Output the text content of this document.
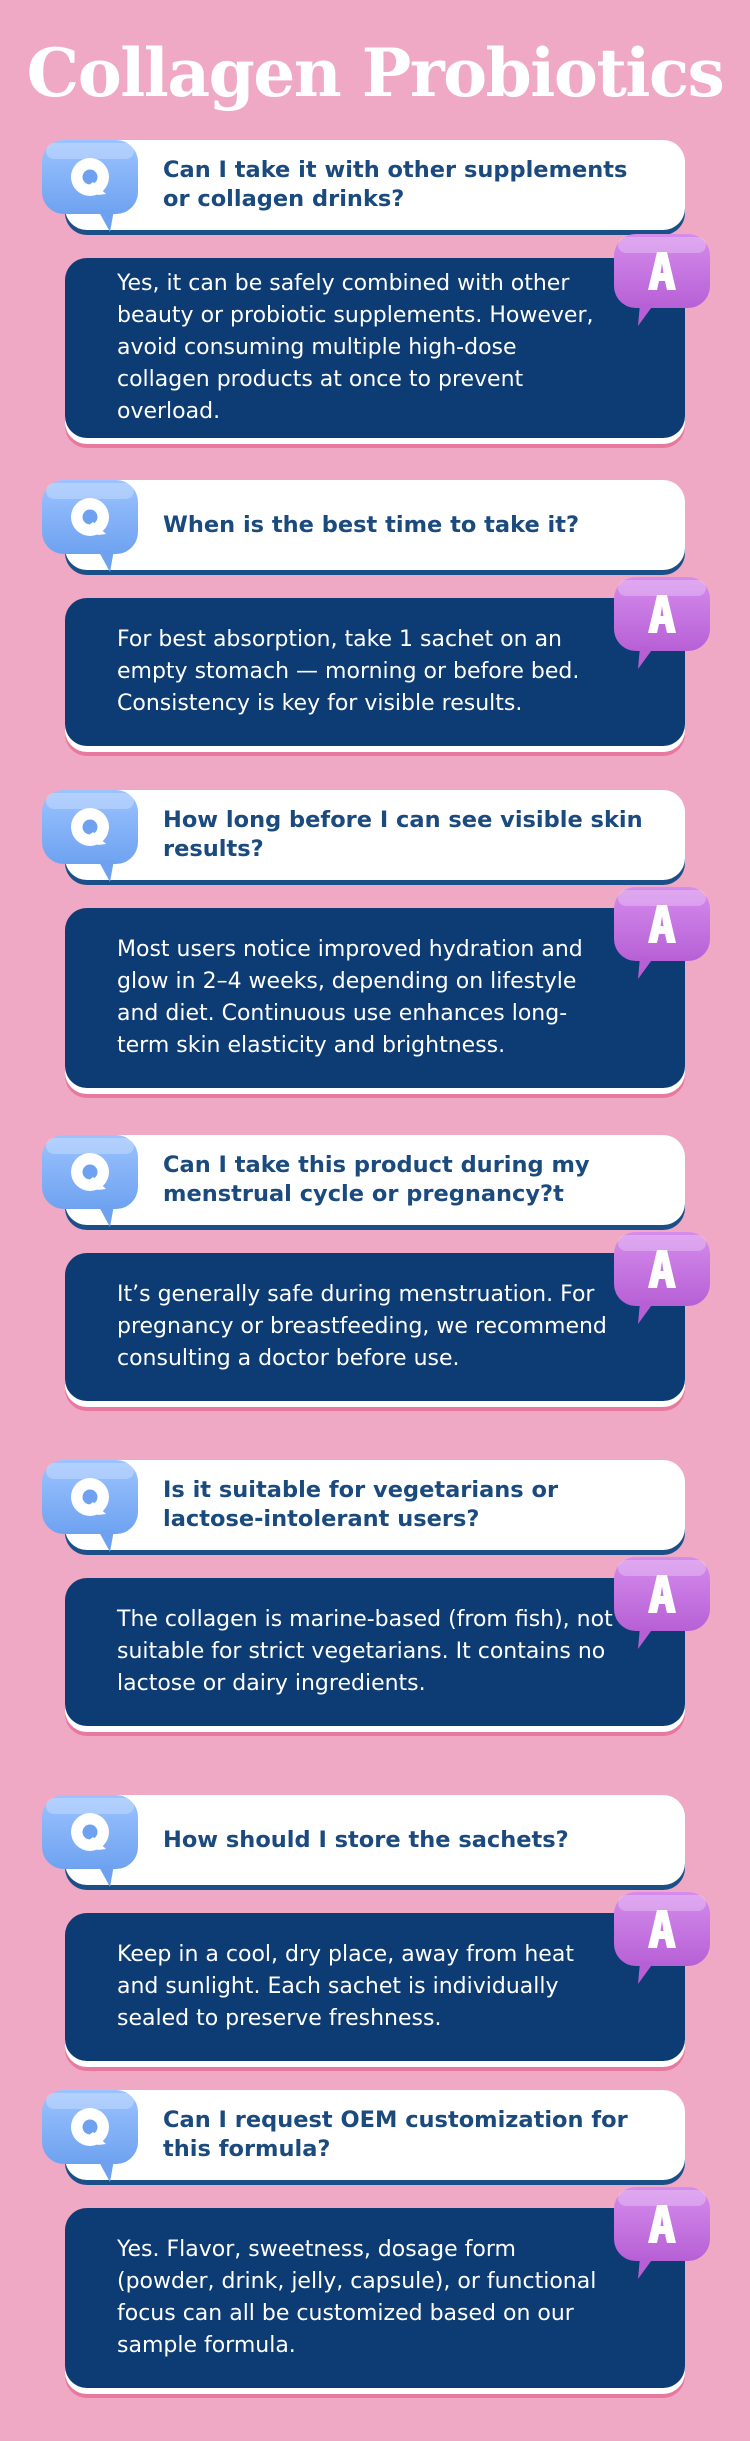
Collagen Probiotics
Can I take it with other supplements or collagen drinks?
Yes, it can be safely combined with other beauty or probiotic supplements. However, avoid consuming multiple high-dose collagen products at once to prevent overload.
When is the best time to take it?
For best absorption, take 1 sachet on an empty stomach — morning or before bed. Consistency is key for visible results.
How long before I can see visible skin results?
Most users notice improved hydration and glow in 2–4 weeks, depending on lifestyle and diet. Continuous use enhances long-term skin elasticity and brightness.
Can I take this product during my menstrual cycle or pregnancy?t
It’s generally safe during menstruation. For pregnancy or breastfeeding, we recommend consulting a doctor before use.
Is it suitable for vegetarians or lactose-intolerant users?
The collagen is marine-based (from fish), not suitable for strict vegetarians. It contains no lactose or dairy ingredients.
How should I store the sachets?
Keep in a cool, dry place, away from heat and sunlight. Each sachet is individually sealed to preserve freshness.
Can I request OEM customization for this formula?
Yes. Flavor, sweetness, dosage form (powder, drink, jelly, capsule), or functional focus can all be customized based on our sample formula.
